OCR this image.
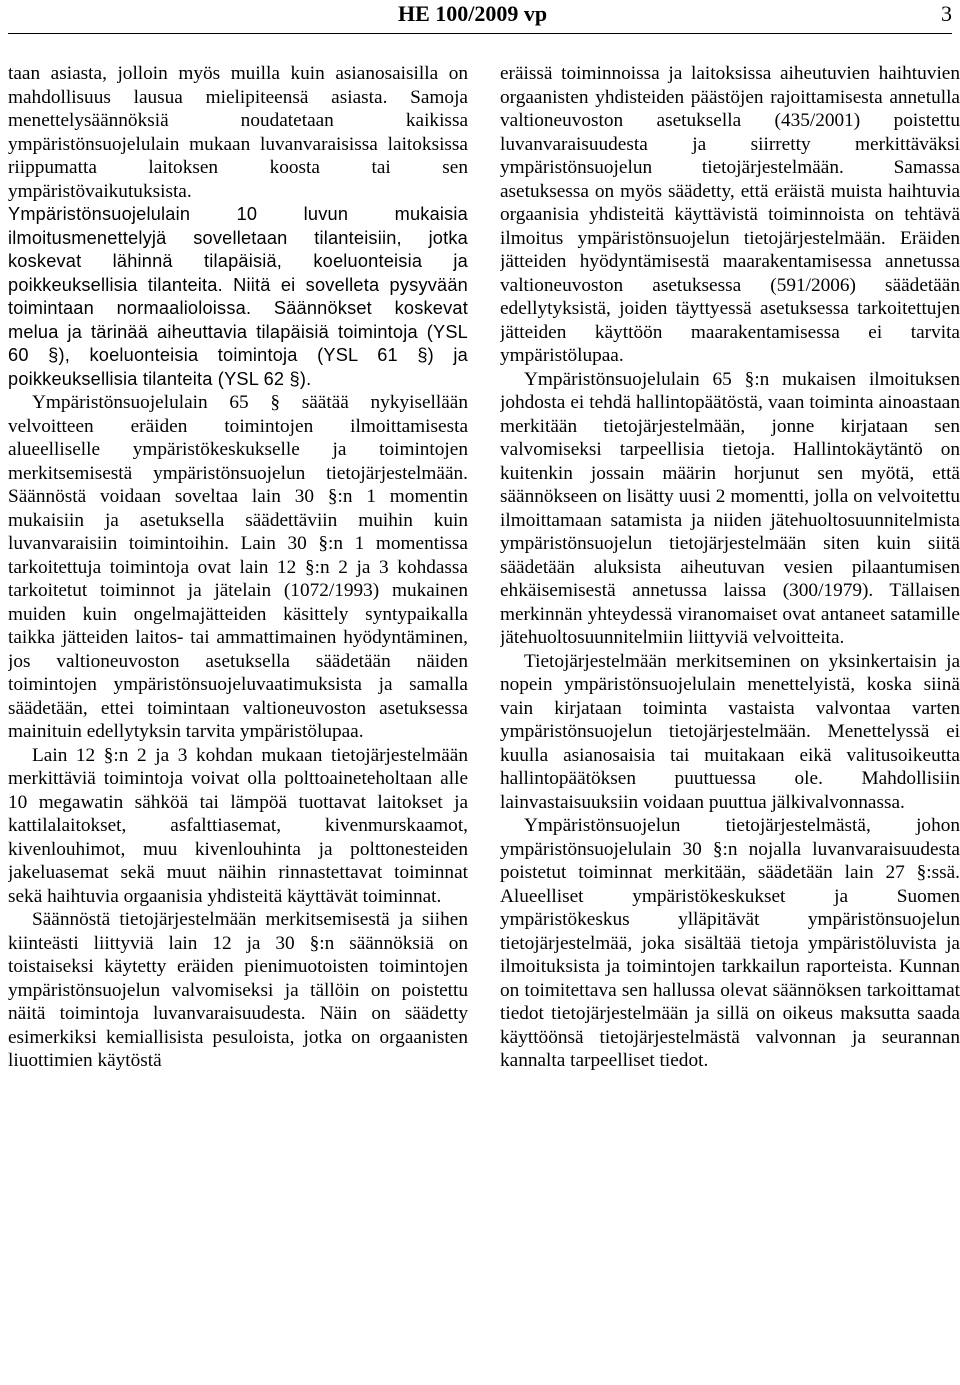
HE 100/2009 vp	3

taan asiasta, jolloin myös muilla kuin asianosaisilla on mahdollisuus lausua mielipiteensä asiasta. Samoja menettelysäännöksiä noudatetaan kaikissa ympäristönsuojelulain mukaan luvanvaraisissa laitoksissa riippumatta laitoksen koosta tai sen ympäristövaikutuksista.

Ympäristönsuojelulain 10 luvun mukaisia ilmoitusmenettelyjä sovelletaan tilanteisiin, jotka koskevat lähinnä tilapäisiä, koeluonteisia ja poikkeuksellisia tilanteita. Niitä ei sovelleta pysyvään toimintaan normaalioloissa. Säännökset koskevat melua ja tärinää aiheuttavia tilapäisiä toimintoja (YSL 60 §), koeluonteisia toimintoja (YSL 61 §) ja poikkeuksellisia tilanteita (YSL 62 §).

Ympäristönsuojelulain 65 § säätää nykyisellään velvoitteen eräiden toimintojen ilmoittamisesta alueelliselle ympäristökeskukselle ja toimintojen merkitsemisestä ympäristönsuojelun tietojärjestelmään. Säännöstä voidaan soveltaa lain 30 §:n 1 momentin mukaisiin ja asetuksella säädettäviin muihin kuin luvanvaraisiin toimintoihin. Lain 30 §:n 1 momentissa tarkoitettuja toimintoja ovat lain 12 §:n 2 ja 3 kohdassa tarkoitetut toiminnot ja jätelain (1072/1993) mukainen muiden kuin ongelmajätteiden käsittely syntypaikalla taikka jätteiden laitos- tai ammattimainen hyödyntäminen, jos valtioneuvoston asetuksella säädetään näiden toimintojen ympäristönsuojeluvaatimuksista ja samalla säädetään, ettei toimintaan valtioneuvoston asetuksessa mainituin edellytyksin tarvita ympäristölupaa.

Lain 12 §:n 2 ja 3 kohdan mukaan tietojärjestelmään merkittäviä toimintoja voivat olla polttoaineteholtaan alle 10 megawatin sähköä tai lämpöä tuottavat laitokset ja kattilalaitokset, asfalttiasemat, kivenmurskaamot, kivenlouhimot, muu kivenlouhinta ja polttonesteiden jakeluasemat sekä muut näihin rinnastettavat toiminnat sekä haihtuvia orgaanisia yhdisteitä käyttävät toiminnat.

Säännöstä tietojärjestelmään merkitsemisestä ja siihen kiinteästi liittyviä lain 12 ja 30 §:n säännöksiä on toistaiseksi käytetty eräiden pienimuotoisten toimintojen ympäristönsuojelun valvomiseksi ja tällöin on poistettu näitä toimintoja luvanvaraisuudesta. Näin on säädetty esimerkiksi kemiallisista pesuloista, jotka on orgaanisten liuottimien käytöstä

eräissä toiminnoissa ja laitoksissa aiheutuvien haihtuvien orgaanisten yhdisteiden päästöjen rajoittamisesta annetulla valtioneuvoston asetuksella (435/2001) poistettu luvanvaraisuudesta ja siirretty merkittäväksi ympäristönsuojelun tietojärjestelmään. Samassa asetuksessa on myös säädetty, että eräistä muista haihtuvia orgaanisia yhdisteitä käyttävistä toiminnoista on tehtävä ilmoitus ympäristönsuojelun tietojärjestelmään. Eräiden jätteiden hyödyntämisestä maarakentamisessa annetussa valtioneuvoston asetuksessa (591/2006) säädetään edellytyksistä, joiden täyttyessä asetuksessa tarkoitettujen jätteiden käyttöön maarakentamisessa ei tarvita ympäristölupaa.

Ympäristönsuojelulain 65 §:n mukaisen ilmoituksen johdosta ei tehdä hallintopäätöstä, vaan toiminta ainoastaan merkitään tietojärjestelmään, jonne kirjataan sen valvomiseksi tarpeellisia tietoja. Hallintokäytäntö on kuitenkin jossain määrin horjunut sen myötä, että säännökseen on lisätty uusi 2 momentti, jolla on velvoitettu ilmoittamaan satamista ja niiden jätehuoltosuunnitelmista ympäristönsuojelun tietojärjestelmään siten kuin siitä säädetään aluksista aiheutuvan vesien pilaantumisen ehkäisemisestä annetussa laissa (300/1979). Tällaisen merkinnän yhteydessä viranomaiset ovat antaneet satamille jätehuoltosuunnitelmiin liittyviä velvoitteita.

Tietojärjestelmään merkitseminen on yksinkertaisin ja nopein ympäristönsuojelulain menettelyistä, koska siinä vain kirjataan toiminta vastaista valvontaa varten ympäristönsuojelun tietojärjestelmään. Menettelyssä ei kuulla asianosaisia tai muitakaan eikä valitusoikeutta hallintopäätöksen puuttuessa ole. Mahdollisiin lainvastaisuuksiin voidaan puuttua jälkivalvonnassa.

Ympäristönsuojelun tietojärjestelmästä, johon ympäristönsuojelulain 30 §:n nojalla luvanvaraisuudesta poistetut toiminnat merkitään, säädetään lain 27 §:ssä. Alueelliset ympäristökeskukset ja Suomen ympäristökeskus ylläpitävät ympäristönsuojelun tietojärjestelmää, joka sisältää tietoja ympäristöluvista ja ilmoituksista ja toimintojen tarkkailun raporteista. Kunnan on toimitettava sen hallussa olevat säännöksen tarkoittamat tiedot tietojärjestelmään ja sillä on oikeus maksutta saada käyttöönsä tietojärjestelmästä valvonnan ja seurannan kannalta tarpeelliset tiedot.
